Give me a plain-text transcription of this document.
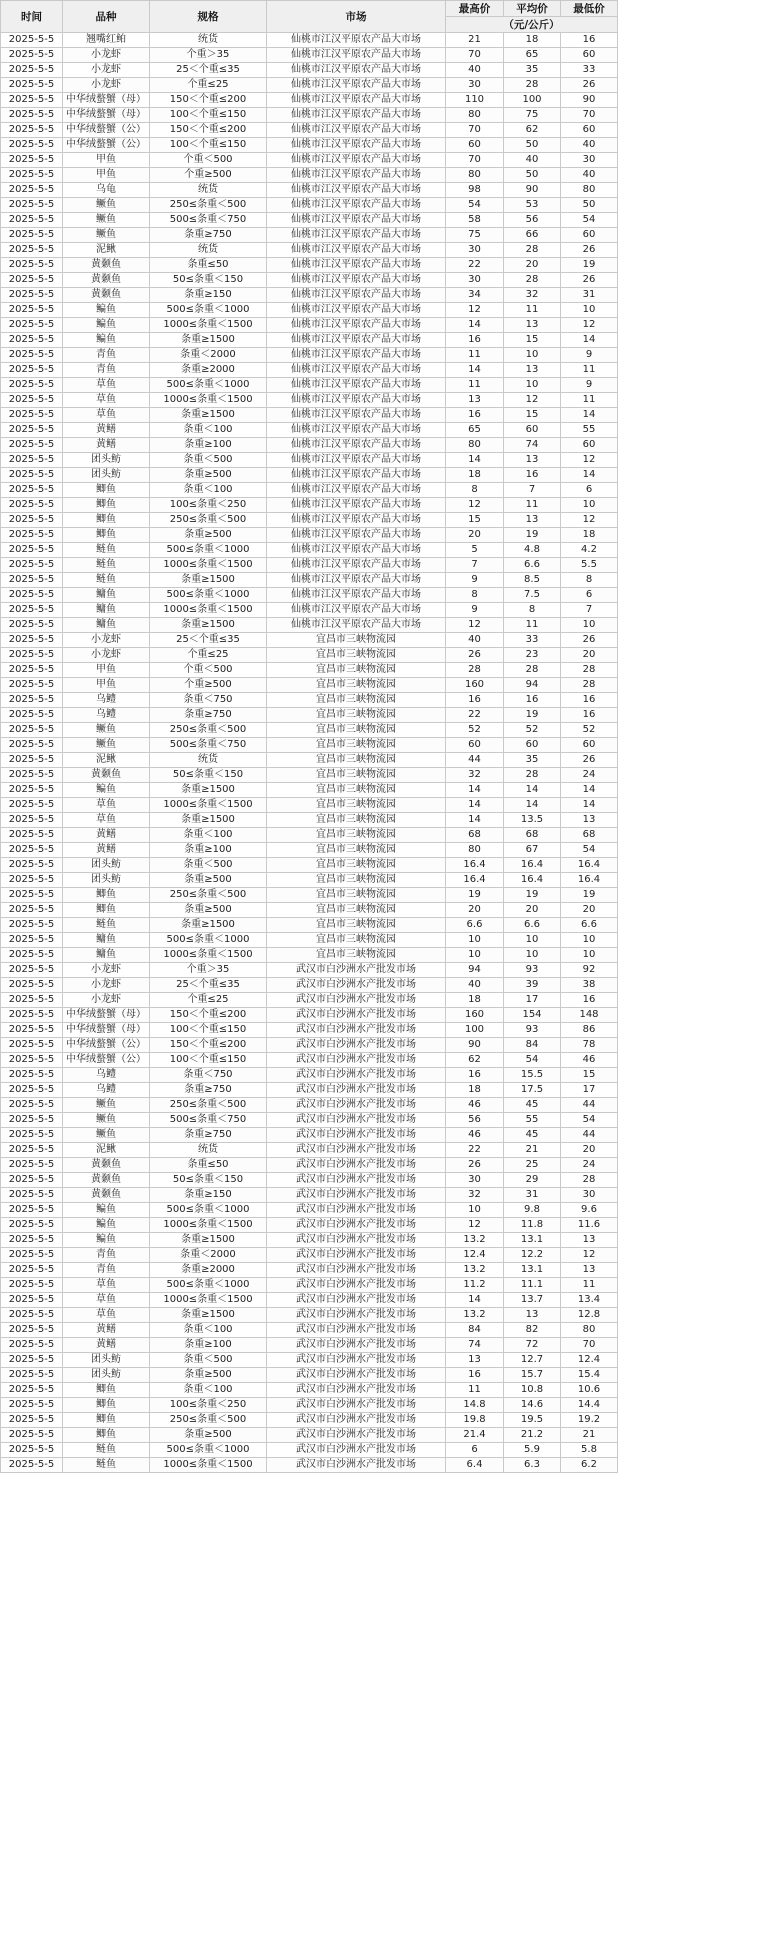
时间	品种	规格	市场	最高价	平均价	最低价
				（元/公斤）		
2025-5-5	翘嘴红鲌	统货	仙桃市江汉平原农产品大市场	21	18	16
2025-5-5	小龙虾	个重＞35	仙桃市江汉平原农产品大市场	70	65	60
2025-5-5	小龙虾	25＜个重≤35	仙桃市江汉平原农产品大市场	40	35	33
2025-5-5	小龙虾	个重≤25	仙桃市江汉平原农产品大市场	30	28	26
2025-5-5	中华绒螯蟹（母）	150＜个重≤200	仙桃市江汉平原农产品大市场	110	100	90
2025-5-5	中华绒螯蟹（母）	100＜个重≤150	仙桃市江汉平原农产品大市场	80	75	70
2025-5-5	中华绒螯蟹（公）	150＜个重≤200	仙桃市江汉平原农产品大市场	70	62	60
2025-5-5	中华绒螯蟹（公）	100＜个重≤150	仙桃市江汉平原农产品大市场	60	50	40
2025-5-5	甲鱼	个重＜500	仙桃市江汉平原农产品大市场	70	40	30
2025-5-5	甲鱼	个重≥500	仙桃市江汉平原农产品大市场	80	50	40
2025-5-5	乌龟	统货	仙桃市江汉平原农产品大市场	98	90	80
2025-5-5	鳜鱼	250≤条重＜500	仙桃市江汉平原农产品大市场	54	53	50
2025-5-5	鳜鱼	500≤条重＜750	仙桃市江汉平原农产品大市场	58	56	54
2025-5-5	鳜鱼	条重≥750	仙桃市江汉平原农产品大市场	75	66	60
2025-5-5	泥鳅	统货	仙桃市江汉平原农产品大市场	30	28	26
2025-5-5	黄颡鱼	条重≤50	仙桃市江汉平原农产品大市场	22	20	19
2025-5-5	黄颡鱼	50≤条重＜150	仙桃市江汉平原农产品大市场	30	28	26
2025-5-5	黄颡鱼	条重≥150	仙桃市江汉平原农产品大市场	34	32	31
2025-5-5	鳊鱼	500≤条重＜1000	仙桃市江汉平原农产品大市场	12	11	10
2025-5-5	鳊鱼	1000≤条重＜1500	仙桃市江汉平原农产品大市场	14	13	12
2025-5-5	鳊鱼	条重≥1500	仙桃市江汉平原农产品大市场	16	15	14
2025-5-5	青鱼	条重＜2000	仙桃市江汉平原农产品大市场	11	10	9
2025-5-5	青鱼	条重≥2000	仙桃市江汉平原农产品大市场	14	13	11
2025-5-5	草鱼	500≤条重＜1000	仙桃市江汉平原农产品大市场	11	10	9
2025-5-5	草鱼	1000≤条重＜1500	仙桃市江汉平原农产品大市场	13	12	11
2025-5-5	草鱼	条重≥1500	仙桃市江汉平原农产品大市场	16	15	14
2025-5-5	黄鳝	条重＜100	仙桃市江汉平原农产品大市场	65	60	55
2025-5-5	黄鳝	条重≥100	仙桃市江汉平原农产品大市场	80	74	60
2025-5-5	团头鲂	条重＜500	仙桃市江汉平原农产品大市场	14	13	12
2025-5-5	团头鲂	条重≥500	仙桃市江汉平原农产品大市场	18	16	14
2025-5-5	鲫鱼	条重＜100	仙桃市江汉平原农产品大市场	8	7	6
2025-5-5	鲫鱼	100≤条重＜250	仙桃市江汉平原农产品大市场	12	11	10
2025-5-5	鲫鱼	250≤条重＜500	仙桃市江汉平原农产品大市场	15	13	12
2025-5-5	鲫鱼	条重≥500	仙桃市江汉平原农产品大市场	20	19	18
2025-5-5	鲢鱼	500≤条重＜1000	仙桃市江汉平原农产品大市场	5	4.8	4.2
2025-5-5	鲢鱼	1000≤条重＜1500	仙桃市江汉平原农产品大市场	7	6.6	5.5
2025-5-5	鲢鱼	条重≥1500	仙桃市江汉平原农产品大市场	9	8.5	8
2025-5-5	鳙鱼	500≤条重＜1000	仙桃市江汉平原农产品大市场	8	7.5	6
2025-5-5	鳙鱼	1000≤条重＜1500	仙桃市江汉平原农产品大市场	9	8	7
2025-5-5	鳙鱼	条重≥1500	仙桃市江汉平原农产品大市场	12	11	10
2025-5-5	小龙虾	25＜个重≤35	宜昌市三峡物流园	40	33	26
2025-5-5	小龙虾	个重≤25	宜昌市三峡物流园	26	23	20
2025-5-5	甲鱼	个重＜500	宜昌市三峡物流园	28	28	28
2025-5-5	甲鱼	个重≥500	宜昌市三峡物流园	160	94	28
2025-5-5	乌鳢	条重＜750	宜昌市三峡物流园	16	16	16
2025-5-5	乌鳢	条重≥750	宜昌市三峡物流园	22	19	16
2025-5-5	鳜鱼	250≤条重＜500	宜昌市三峡物流园	52	52	52
2025-5-5	鳜鱼	500≤条重＜750	宜昌市三峡物流园	60	60	60
2025-5-5	泥鳅	统货	宜昌市三峡物流园	44	35	26
2025-5-5	黄颡鱼	50≤条重＜150	宜昌市三峡物流园	32	28	24
2025-5-5	鳊鱼	条重≥1500	宜昌市三峡物流园	14	14	14
2025-5-5	草鱼	1000≤条重＜1500	宜昌市三峡物流园	14	14	14
2025-5-5	草鱼	条重≥1500	宜昌市三峡物流园	14	13.5	13
2025-5-5	黄鳝	条重＜100	宜昌市三峡物流园	68	68	68
2025-5-5	黄鳝	条重≥100	宜昌市三峡物流园	80	67	54
2025-5-5	团头鲂	条重＜500	宜昌市三峡物流园	16.4	16.4	16.4
2025-5-5	团头鲂	条重≥500	宜昌市三峡物流园	16.4	16.4	16.4
2025-5-5	鲫鱼	250≤条重＜500	宜昌市三峡物流园	19	19	19
2025-5-5	鲫鱼	条重≥500	宜昌市三峡物流园	20	20	20
2025-5-5	鲢鱼	条重≥1500	宜昌市三峡物流园	6.6	6.6	6.6
2025-5-5	鳙鱼	500≤条重＜1000	宜昌市三峡物流园	10	10	10
2025-5-5	鳙鱼	1000≤条重＜1500	宜昌市三峡物流园	10	10	10
2025-5-5	小龙虾	个重＞35	武汉市白沙洲水产批发市场	94	93	92
2025-5-5	小龙虾	25＜个重≤35	武汉市白沙洲水产批发市场	40	39	38
2025-5-5	小龙虾	个重≤25	武汉市白沙洲水产批发市场	18	17	16
2025-5-5	中华绒螯蟹（母）	150＜个重≤200	武汉市白沙洲水产批发市场	160	154	148
2025-5-5	中华绒螯蟹（母）	100＜个重≤150	武汉市白沙洲水产批发市场	100	93	86
2025-5-5	中华绒螯蟹（公）	150＜个重≤200	武汉市白沙洲水产批发市场	90	84	78
2025-5-5	中华绒螯蟹（公）	100＜个重≤150	武汉市白沙洲水产批发市场	62	54	46
2025-5-5	乌鳢	条重＜750	武汉市白沙洲水产批发市场	16	15.5	15
2025-5-5	乌鳢	条重≥750	武汉市白沙洲水产批发市场	18	17.5	17
2025-5-5	鳜鱼	250≤条重＜500	武汉市白沙洲水产批发市场	46	45	44
2025-5-5	鳜鱼	500≤条重＜750	武汉市白沙洲水产批发市场	56	55	54
2025-5-5	鳜鱼	条重≥750	武汉市白沙洲水产批发市场	46	45	44
2025-5-5	泥鳅	统货	武汉市白沙洲水产批发市场	22	21	20
2025-5-5	黄颡鱼	条重≤50	武汉市白沙洲水产批发市场	26	25	24
2025-5-5	黄颡鱼	50≤条重＜150	武汉市白沙洲水产批发市场	30	29	28
2025-5-5	黄颡鱼	条重≥150	武汉市白沙洲水产批发市场	32	31	30
2025-5-5	鳊鱼	500≤条重＜1000	武汉市白沙洲水产批发市场	10	9.8	9.6
2025-5-5	鳊鱼	1000≤条重＜1500	武汉市白沙洲水产批发市场	12	11.8	11.6
2025-5-5	鳊鱼	条重≥1500	武汉市白沙洲水产批发市场	13.2	13.1	13
2025-5-5	青鱼	条重＜2000	武汉市白沙洲水产批发市场	12.4	12.2	12
2025-5-5	青鱼	条重≥2000	武汉市白沙洲水产批发市场	13.2	13.1	13
2025-5-5	草鱼	500≤条重＜1000	武汉市白沙洲水产批发市场	11.2	11.1	11
2025-5-5	草鱼	1000≤条重＜1500	武汉市白沙洲水产批发市场	14	13.7	13.4
2025-5-5	草鱼	条重≥1500	武汉市白沙洲水产批发市场	13.2	13	12.8
2025-5-5	黄鳝	条重＜100	武汉市白沙洲水产批发市场	84	82	80
2025-5-5	黄鳝	条重≥100	武汉市白沙洲水产批发市场	74	72	70
2025-5-5	团头鲂	条重＜500	武汉市白沙洲水产批发市场	13	12.7	12.4
2025-5-5	团头鲂	条重≥500	武汉市白沙洲水产批发市场	16	15.7	15.4
2025-5-5	鲫鱼	条重＜100	武汉市白沙洲水产批发市场	11	10.8	10.6
2025-5-5	鲫鱼	100≤条重＜250	武汉市白沙洲水产批发市场	14.8	14.6	14.4
2025-5-5	鲫鱼	250≤条重＜500	武汉市白沙洲水产批发市场	19.8	19.5	19.2
2025-5-5	鲫鱼	条重≥500	武汉市白沙洲水产批发市场	21.4	21.2	21
2025-5-5	鲢鱼	500≤条重＜1000	武汉市白沙洲水产批发市场	6	5.9	5.8
2025-5-5	鲢鱼	1000≤条重＜1500	武汉市白沙洲水产批发市场	6.4	6.3	6.2
